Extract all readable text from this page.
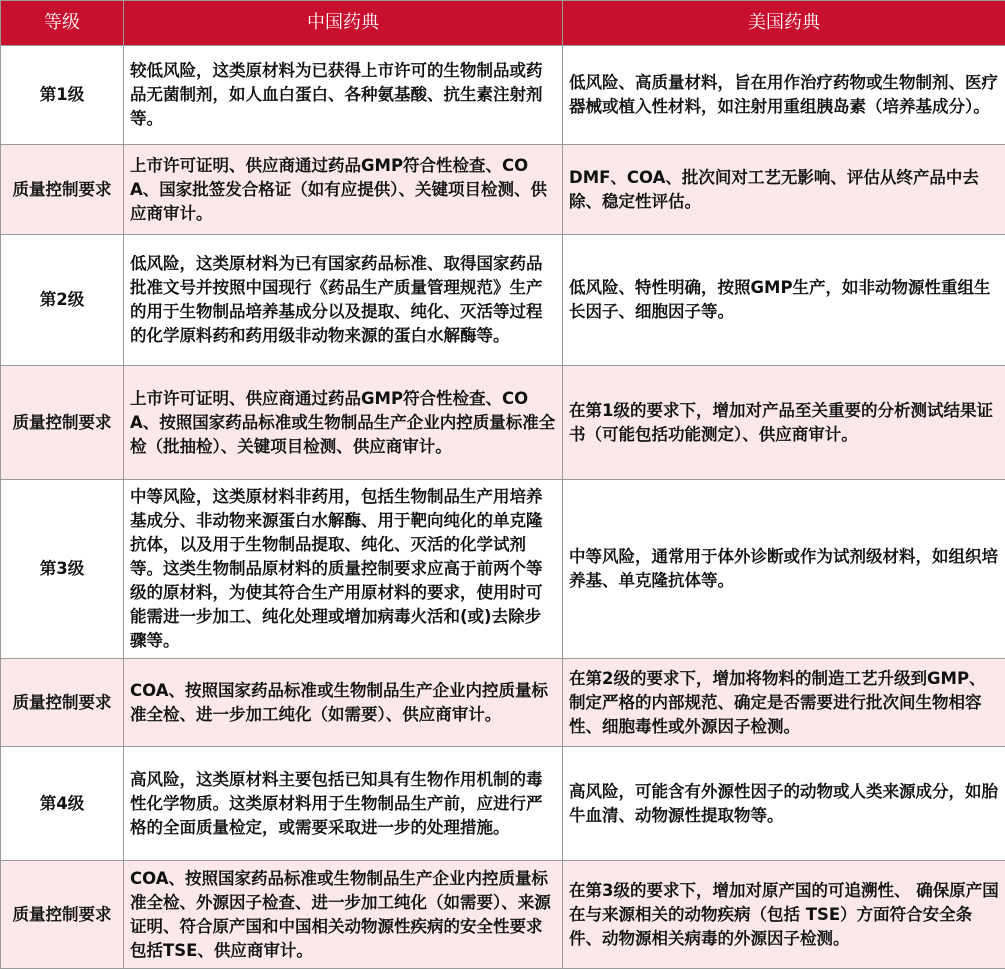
等级	中国药典	美国药典
第1级	较低风险，这类原材料为已获得上市许可的生物制品或药品无菌制剂，如人血白蛋白、各种氨基酸、抗生素注射剂等。	低风险、高质量材料，旨在用作治疗药物或生物制剂、医疗器械或植入性材料，如注射用重组胰岛素（培养基成分）。
质量控制要求	上市许可证明、供应商通过药品GMP符合性检查、COA、国家批签发合格证（如有应提供）、关键项目检测、供应商审计。	DMF、COA、批次间对工艺无影响、评估从终产品中去除、稳定性评估。
第2级	低风险，这类原材料为已有国家药品标准、取得国家药品批准文号并按照中国现行《药品生产质量管理规范》生产的用于生物制品培养基成分以及提取、纯化、灭活等过程的化学原料药和药用级非动物来源的蛋白水解酶等。	低风险、特性明确，按照GMP生产，如非动物源性重组生长因子、细胞因子等。
质量控制要求	上市许可证明、供应商通过药品GMP符合性检查、COA、按照国家药品标准或生物制品生产企业内控质量标准全检（批抽检）、关键项目检测、供应商审计。	在第1级的要求下，增加对产品至关重要的分析测试结果证书（可能包括功能测定）、供应商审计。
第3级	中等风险，这类原材料非药用，包括生物制品生产用培养基成分、非动物来源蛋白水解酶、用于靶向纯化的单克隆抗体，以及用于生物制品提取、纯化、灭活的化学试剂等。这类生物制品原材料的质量控制要求应高于前两个等级的原材料，为使其符合生产用原材料的要求，使用时可能需进一步加工、纯化处理或增加病毒火活和(或)去除步骤等。	中等风险，通常用于体外诊断或作为试剂级材料，如组织培养基、单克隆抗体等。
质量控制要求	COA、按照国家药品标准或生物制品生产企业内控质量标准全检、进一步加工纯化（如需要）、供应商审计。	在第2级的要求下，增加将物料的制造工艺升级到GMP、制定严格的内部规范、确定是否需要进行批次间生物相容性、细胞毒性或外源因子检测。
第4级	高风险，这类原材料主要包括已知具有生物作用机制的毒性化学物质。这类原材料用于生物制品生产前，应进行严格的全面质量检定，或需要采取进一步的处理措施。	高风险，可能含有外源性因子的动物或人类来源成分，如胎牛血清、动物源性提取物等。
质量控制要求	COA、按照国家药品标准或生物制品生产企业内控质量标准全检、外源因子检查、进一步加工纯化（如需要）、来源证明、符合原产国和中国相关动物源性疾病的安全性要求包括TSE、供应商审计。	在第3级的要求下，增加对原产国的可追溯性、 确保原产国在与来源相关的动物疾病（包括 TSE）方面符合安全条件、动物源相关病毒的外源因子检测。
